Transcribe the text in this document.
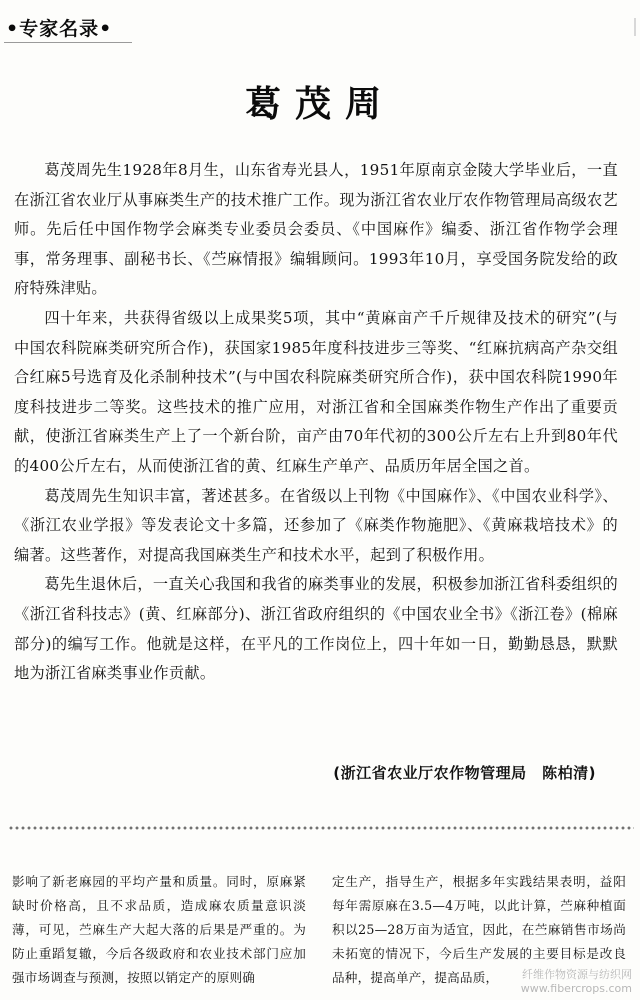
•专家名录•
葛茂周

葛茂周先生1928年8月生，山东省寿光县人，1951年原南京金陵大学毕业后，一直在浙江省农业厅从事麻类生产的技术推广工作。现为浙江省农业厅农作物管理局高级农艺师。先后任中国作物学会麻类专业委员会委员、《中国麻作》编委、浙江省作物学会理事，常务理事、副秘书长、《苎麻情报》编辑顾问。1993年10月，享受国务院发给的政府特殊津贴。

四十年来，共获得省级以上成果奖5项，其中“黄麻亩产千斤规律及技术的研究”(与中国农科院麻类研究所合作)，获国家1985年度科技进步三等奖、“红麻抗病高产杂交组合红麻5号选育及化杀制种技术”(与中国农科院麻类研究所合作)，获中国农科院1990年度科技进步二等奖。这些技术的推广应用，对浙江省和全国麻类作物生产作出了重要贡献，使浙江省麻类生产上了一个新台阶，亩产由70年代初的300公斤左右上升到80年代的400公斤左右，从而使浙江省的黄、红麻生产单产、品质历年居全国之首。

葛茂周先生知识丰富，著述甚多。在省级以上刊物《中国麻作》、《中国农业科学》、《浙江农业学报》等发表论文十多篇，还参加了《麻类作物施肥》、《黄麻栽培技术》的编著。这些著作，对提高我国麻类生产和技术水平，起到了积极作用。

葛先生退休后，一直关心我国和我省的麻类事业的发展，积极参加浙江省科委组织的《浙江省科技志》(黄、红麻部分)、浙江省政府组织的《中国农业全书》《浙江卷》(棉麻部分)的编写工作。他就是这样，在平凡的工作岗位上，四十年如一日，勤勤恳恳，默默地为浙江省麻类事业作贡献。

(浙江省农业厅农作物管理局　陈柏清)
影响了新老麻园的平均产量和质量。同时，原麻紧缺时价格高，且不求品质，造成麻农质量意识淡薄，可见，苎麻生产大起大落的后果是严重的。为防止重蹈复辙，今后各级政府和农业技术部门应加强市场调查与预测，按照以销定产的原则确
定生产，指导生产，根据多年实践结果表明，益阳每年需原麻在3.5—4万吨，以此计算，苎麻种植面积以25—28万亩为适宜，因此，在苎麻销售市场尚未拓宽的情况下，今后生产发展的主要目标是改良品种，提高单产，提高品质，	纤维作物资源与纺织网
www.fibercrops.com
